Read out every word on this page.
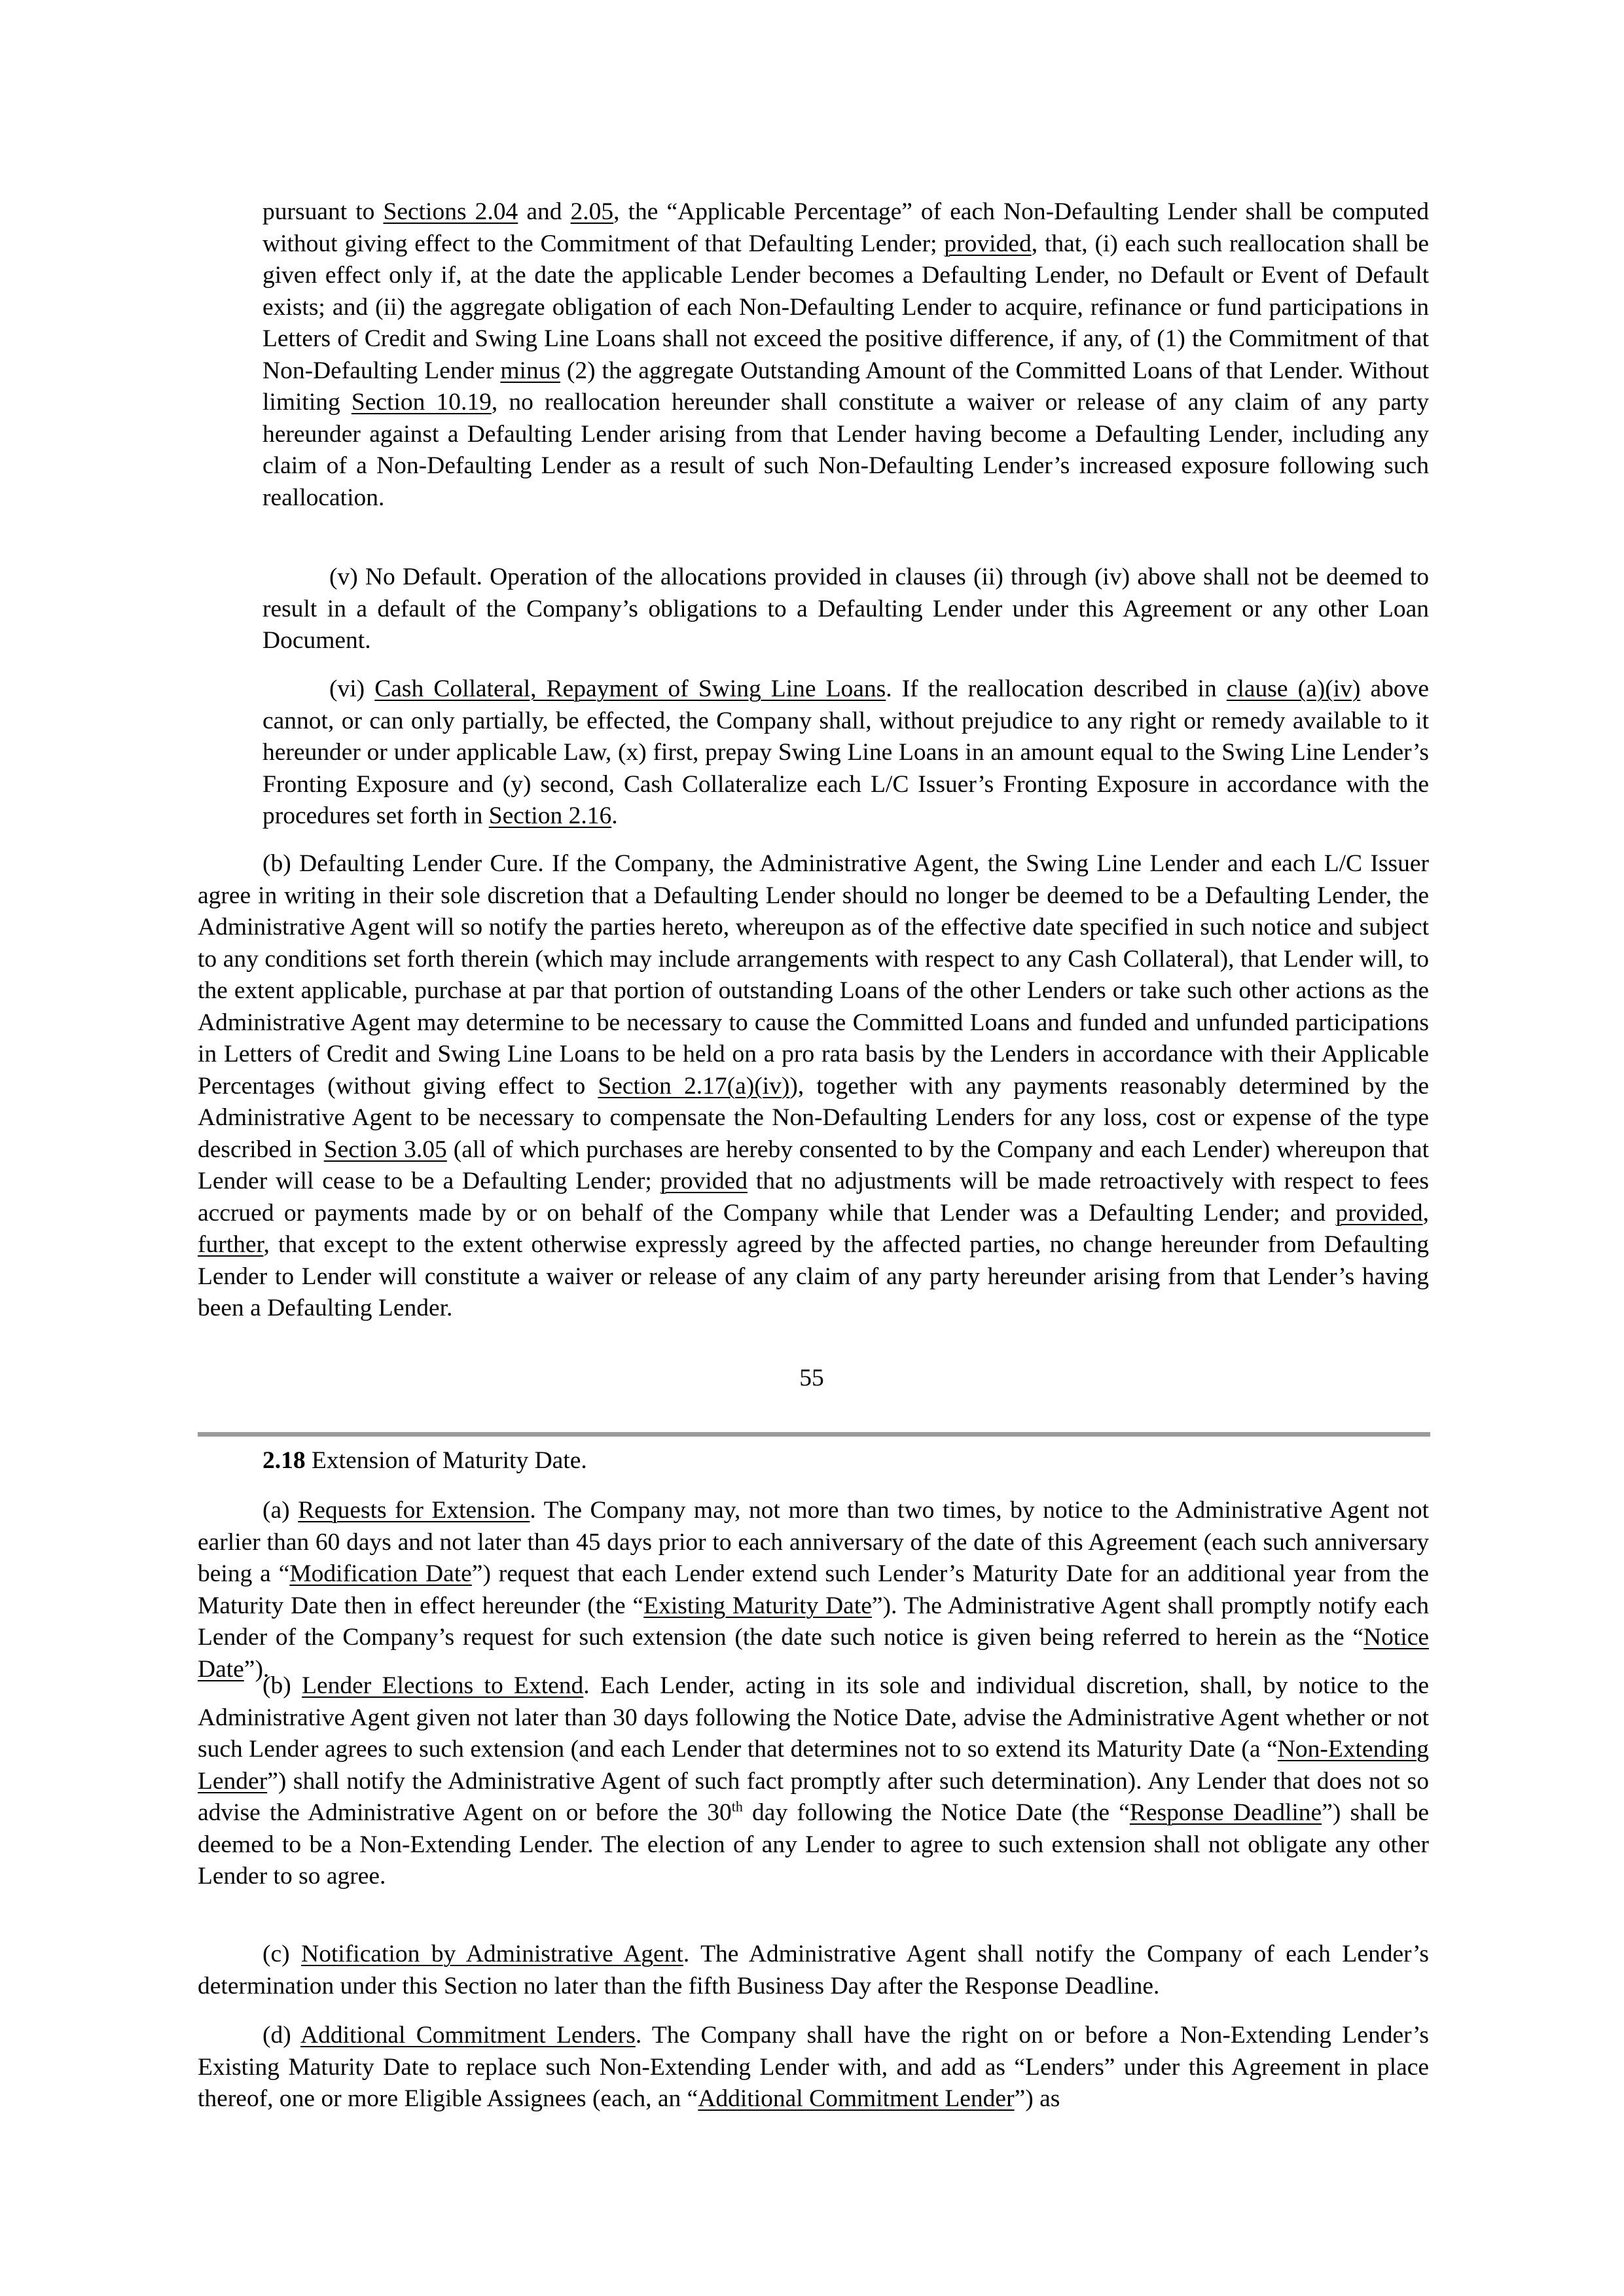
pursuant to Sections 2.04 and 2.05, the “Applicable Percentage” of each Non-Defaulting Lender shall be computed without giving effect to the Commitment of that Defaulting Lender; provided, that, (i) each such reallocation shall be given effect only if, at the date the applicable Lender becomes a Defaulting Lender, no Default or Event of Default exists; and (ii) the aggregate obligation of each Non-Defaulting Lender to acquire, refinance or fund participations in Letters of Credit and Swing Line Loans shall not exceed the positive difference, if any, of (1) the Commitment of that Non-Defaulting Lender minus (2) the aggregate Outstanding Amount of the Committed Loans of that Lender. Without limiting Section 10.19, no reallocation hereunder shall constitute a waiver or release of any claim of any party hereunder against a Defaulting Lender arising from that Lender having become a Defaulting Lender, including any claim of a Non-Defaulting Lender as a result of such Non-Defaulting Lender’s increased exposure following such reallocation.

(v) No Default. Operation of the allocations provided in clauses (ii) through (iv) above shall not be deemed to result in a default of the Company’s obligations to a Defaulting Lender under this Agreement or any other Loan Document.

(vi) Cash Collateral, Repayment of Swing Line Loans. If the reallocation described in clause (a)(iv) above cannot, or can only partially, be effected, the Company shall, without prejudice to any right or remedy available to it hereunder or under applicable Law, (x) first, prepay Swing Line Loans in an amount equal to the Swing Line Lender’s Fronting Exposure and (y) second, Cash Collateralize each L/C Issuer’s Fronting Exposure in accordance with the procedures set forth in Section 2.16.

(b) Defaulting Lender Cure. If the Company, the Administrative Agent, the Swing Line Lender and each L/C Issuer agree in writing in their sole discretion that a Defaulting Lender should no longer be deemed to be a Defaulting Lender, the Administrative Agent will so notify the parties hereto, whereupon as of the effective date specified in such notice and subject to any conditions set forth therein (which may include arrangements with respect to any Cash Collateral), that Lender will, to the extent applicable, purchase at par that portion of outstanding Loans of the other Lenders or take such other actions as the Administrative Agent may determine to be necessary to cause the Committed Loans and funded and unfunded participations in Letters of Credit and Swing Line Loans to be held on a pro rata basis by the Lenders in accordance with their Applicable Percentages (without giving effect to Section 2.17(a)(iv)), together with any payments reasonably determined by the Administrative Agent to be necessary to compensate the Non-Defaulting Lenders for any loss, cost or expense of the type described in Section 3.05 (all of which purchases are hereby consented to by the Company and each Lender) whereupon that Lender will cease to be a Defaulting Lender; provided that no adjustments will be made retroactively with respect to fees accrued or payments made by or on behalf of the Company while that Lender was a Defaulting Lender; and provided, further, that except to the extent otherwise expressly agreed by the affected parties, no change hereunder from Defaulting Lender to Lender will constitute a waiver or release of any claim of any party hereunder arising from that Lender’s having been a Defaulting Lender.

55

2.18 Extension of Maturity Date.

(a) Requests for Extension. The Company may, not more than two times, by notice to the Administrative Agent not earlier than 60 days and not later than 45 days prior to each anniversary of the date of this Agreement (each such anniversary being a “Modification Date”) request that each Lender extend such Lender’s Maturity Date for an additional year from the Maturity Date then in effect hereunder (the “Existing Maturity Date”). The Administrative Agent shall promptly notify each Lender of the Company’s request for such extension (the date such notice is given being referred to herein as the “Notice Date”).

(b) Lender Elections to Extend. Each Lender, acting in its sole and individual discretion, shall, by notice to the Administrative Agent given not later than 30 days following the Notice Date, advise the Administrative Agent whether or not such Lender agrees to such extension (and each Lender that determines not to so extend its Maturity Date (a “Non-Extending Lender”) shall notify the Administrative Agent of such fact promptly after such determination). Any Lender that does not so advise the Administrative Agent on or before the 30th day following the Notice Date (the “Response Deadline”) shall be deemed to be a Non-Extending Lender. The election of any Lender to agree to such extension shall not obligate any other Lender to so agree.

(c) Notification by Administrative Agent. The Administrative Agent shall notify the Company of each Lender’s determination under this Section no later than the fifth Business Day after the Response Deadline.

(d) Additional Commitment Lenders. The Company shall have the right on or before a Non-Extending Lender’s Existing Maturity Date to replace such Non-Extending Lender with, and add as “Lenders” under this Agreement in place thereof, one or more Eligible Assignees (each, an “Additional Commitment Lender”) as
